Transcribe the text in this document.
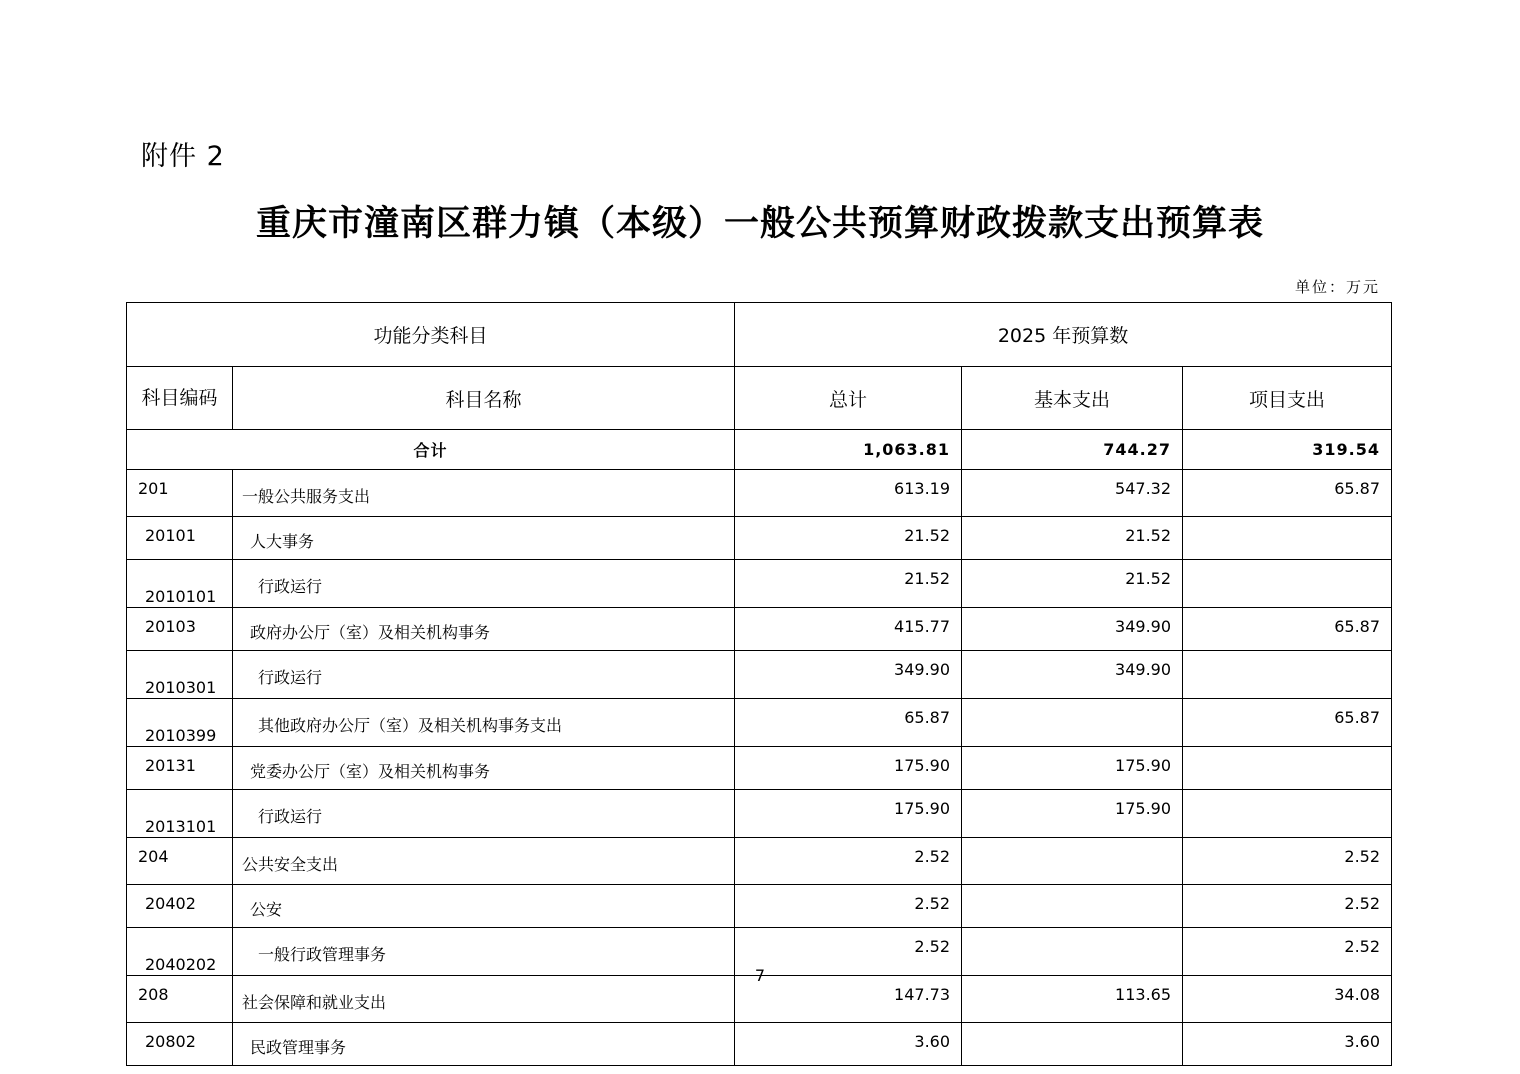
附件 2
重庆市潼南区群力镇（本级）一般公共预算财政拨款支出预算表
单位：万元
功能分类科目		2025 年预算数		
科目编码	科目名称	总计	基本支出	项目支出
合计		1,063.81	744.27	319.54
201	一般公共服务支出	613.19	547.32	65.87
20101	人大事务	21.52	21.52	
2010101	行政运行	21.52	21.52	
20103	政府办公厅（室）及相关机构事务	415.77	349.90	65.87
2010301	行政运行	349.90	349.90	
2010399	其他政府办公厅（室）及相关机构事务支出	65.87		65.87
20131	党委办公厅（室）及相关机构事务	175.90	175.90	
2013101	行政运行	175.90	175.90	
204	公共安全支出	2.52		2.52
20402	公安	2.52		2.52
2040202	一般行政管理事务	2.52		2.52
208	社会保障和就业支出	147.73	113.65	34.08
20802	民政管理事务	3.60		3.60
7
